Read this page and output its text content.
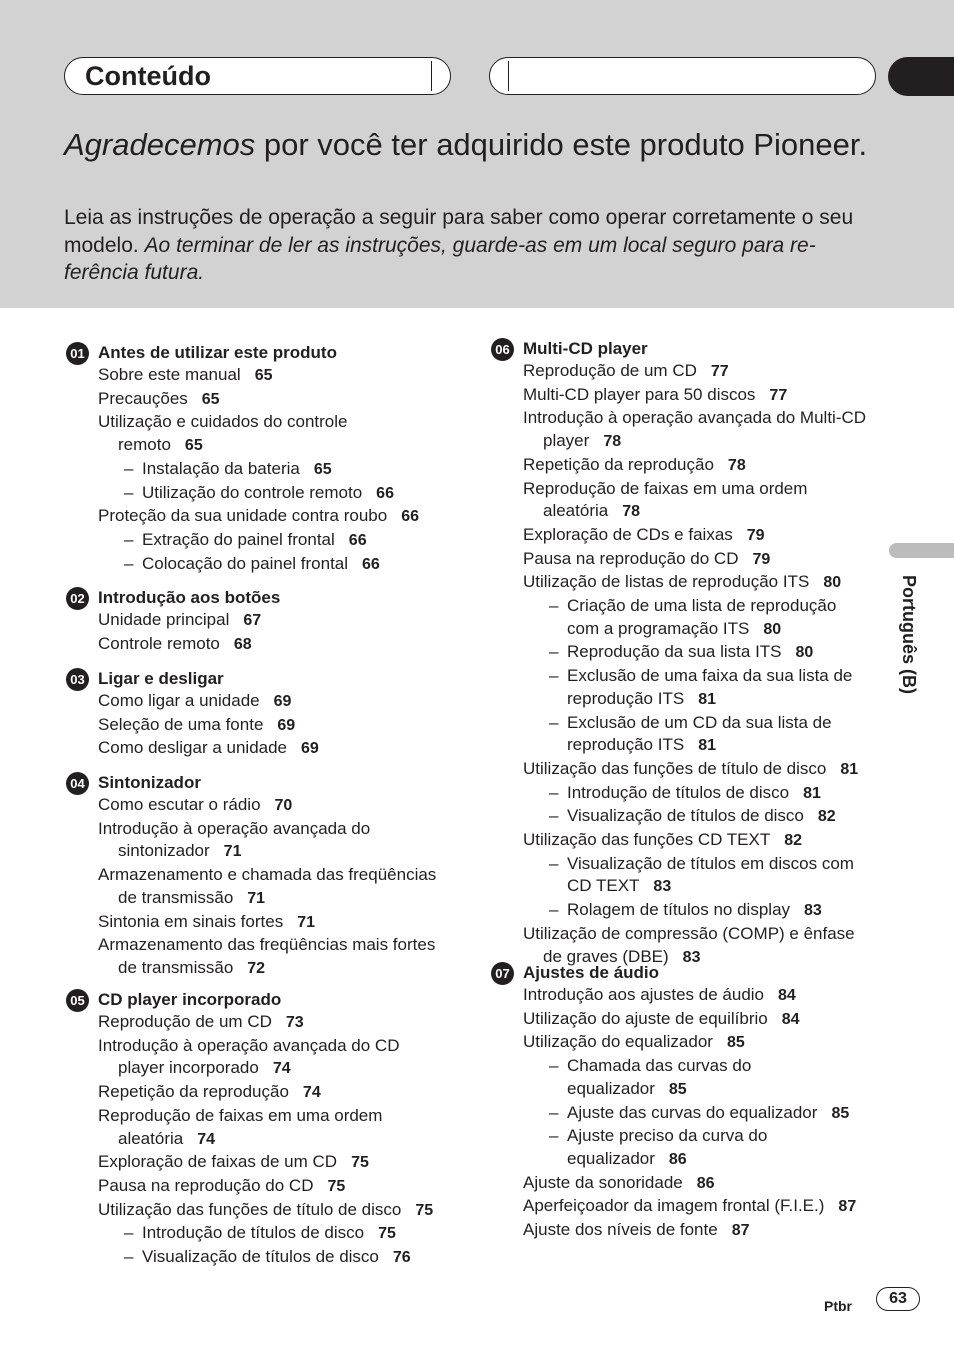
Conteúdo
Agradecemos por você ter adquirido este produto Pioneer.

Leia as instruções de operação a seguir para saber como operar corretamente o seu modelo. Ao terminar de ler as instruções, guarde-as em um local seguro para re-ferência futura.

01 Antes de utilizar este produto
Sobre este manual 65
Precauções 65
Utilização e cuidados do controle
remoto 65
– Instalação da bateria 65
– Utilização do controle remoto 66
Proteção da sua unidade contra roubo 66
– Extração do painel frontal 66
– Colocação do painel frontal 66
02 Introdução aos botões
Unidade principal 67
Controle remoto 68
03 Ligar e desligar
Como ligar a unidade 69
Seleção de uma fonte 69
Como desligar a unidade 69
04 Sintonizador
Como escutar o rádio 70
Introdução à operação avançada do
sintonizador 71
Armazenamento e chamada das freqüências
de transmissão 71
Sintonia em sinais fortes 71
Armazenamento das freqüências mais fortes
de transmissão 72
05 CD player incorporado
Reprodução de um CD 73
Introdução à operação avançada do CD
player incorporado 74
Repetição da reprodução 74
Reprodução de faixas em uma ordem
aleatória 74
Exploração de faixas de um CD 75
Pausa na reprodução do CD 75
Utilização das funções de título de disco 75
– Introdução de títulos de disco 75
– Visualização de títulos de disco 76
06 Multi-CD player
Reprodução de um CD 77
Multi-CD player para 50 discos 77
Introdução à operação avançada do Multi-CD
player 78
Repetição da reprodução 78
Reprodução de faixas em uma ordem
aleatória 78
Exploração de CDs e faixas 79
Pausa na reprodução do CD 79
Utilização de listas de reprodução ITS 80
– Criação de uma lista de reprodução
com a programação ITS 80
– Reprodução da sua lista ITS 80
– Exclusão de uma faixa da sua lista de
reprodução ITS 81
– Exclusão de um CD da sua lista de
reprodução ITS 81
Utilização das funções de título de disco 81
– Introdução de títulos de disco 81
– Visualização de títulos de disco 82
Utilização das funções CD TEXT 82
– Visualização de títulos em discos com
CD TEXT 83
– Rolagem de títulos no display 83
Utilização de compressão (COMP) e ênfase
de graves (DBE) 83
07 Ajustes de áudio
Introdução aos ajustes de áudio 84
Utilização do ajuste de equilíbrio 84
Utilização do equalizador 85
– Chamada das curvas do
equalizador 85
– Ajuste das curvas do equalizador 85
– Ajuste preciso da curva do
equalizador 86
Ajuste da sonoridade 86
Aperfeiçoador da imagem frontal (F.I.E.) 87
Ajuste dos níveis de fonte 87
Português (B)
Ptbr	63
